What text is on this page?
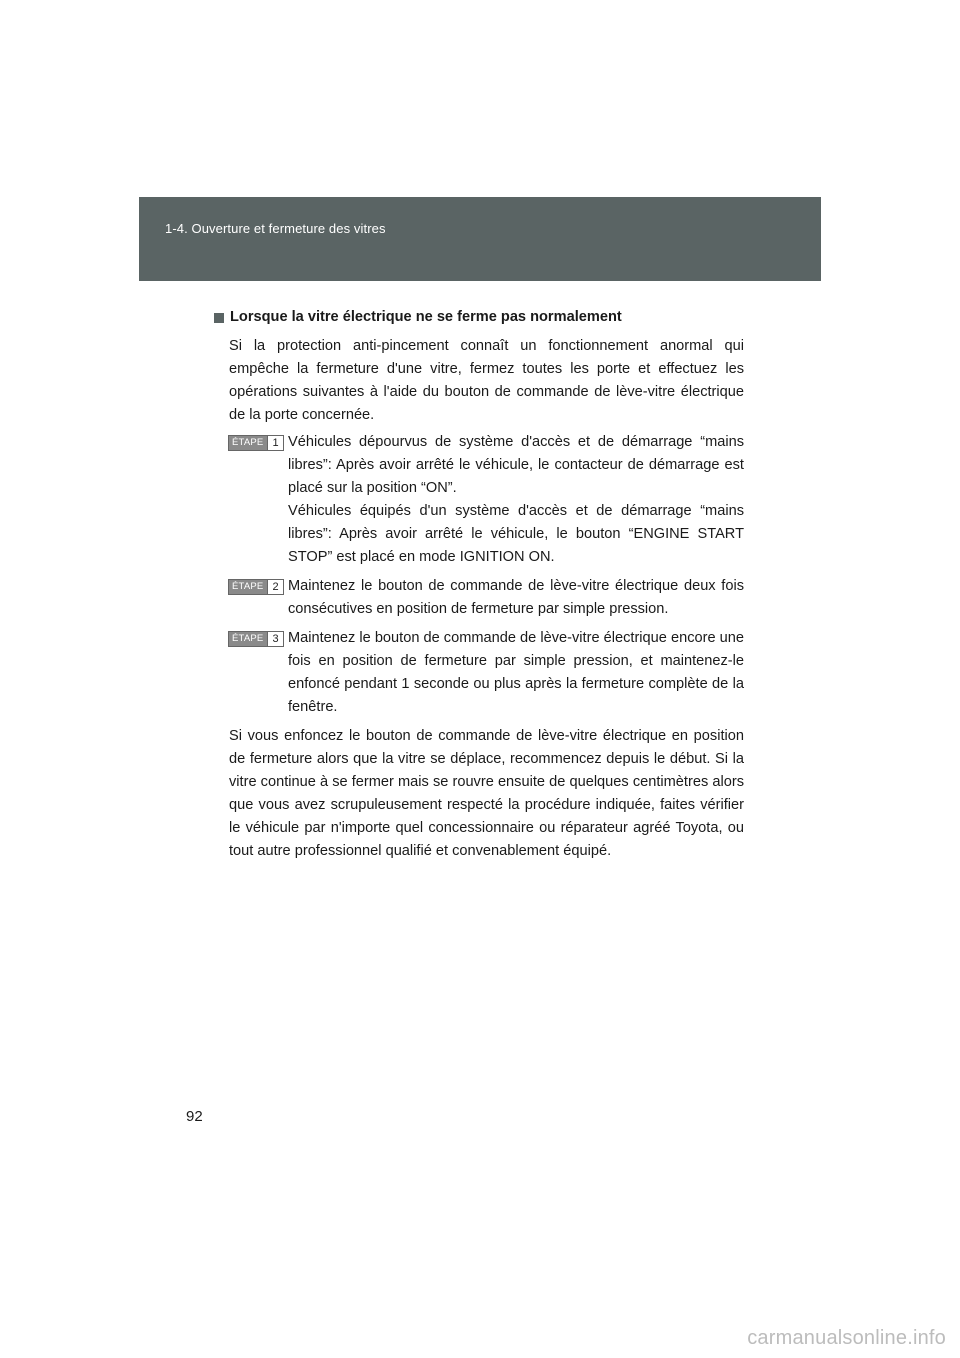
1-4. Ouverture et fermeture des vitres
Lorsque la vitre électrique ne se ferme pas normalement

Si la protection anti-pincement connaît un fonctionnement anormal qui empêche la fermeture d'une vitre, fermez toutes les porte et effectuez les opérations suivantes à l'aide du bouton de commande de lève-vitre électrique de la porte concernée.

ÉTAPE 1 Véhicules dépourvus de système d'accès et de démarrage “mains libres”: Après avoir arrêté le véhicule, le contacteur de démarrage est placé sur la position “ON”.
Véhicules équipés d'un système d'accès et de démarrage “mains libres”: Après avoir arrêté le véhicule, le bouton “ENGINE START STOP” est placé en mode IGNITION ON.
ÉTAPE 2 Maintenez le bouton de commande de lève-vitre électrique deux fois consécutives en position de fermeture par simple pression.
ÉTAPE 3 Maintenez le bouton de commande de lève-vitre électrique encore une fois en position de fermeture par simple pression, et maintenez-le enfoncé pendant 1 seconde ou plus après la fermeture complète de la fenêtre.

Si vous enfoncez le bouton de commande de lève-vitre électrique en position de fermeture alors que la vitre se déplace, recommencez depuis le début. Si la vitre continue à se fermer mais se rouvre ensuite de quelques centimètres alors que vous avez scrupuleusement respecté la procédure indiquée, faites vérifier le véhicule par n'importe quel concessionnaire ou réparateur agréé Toyota, ou tout autre professionnel qualifié et convenablement équipé.

92
carmanualsonline.info
